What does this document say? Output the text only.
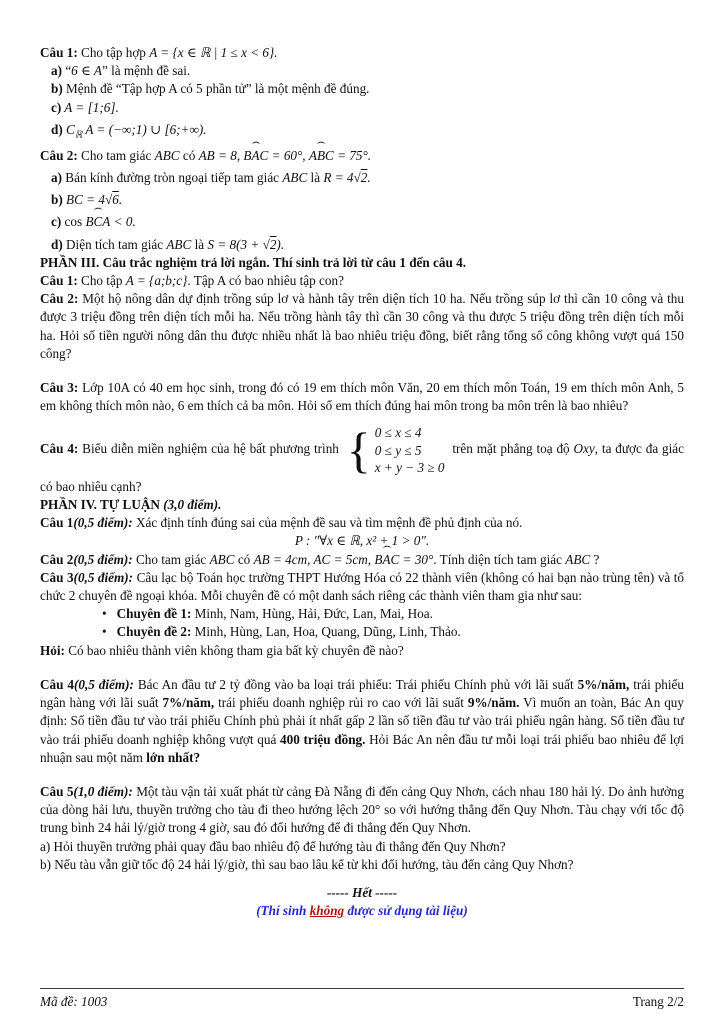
Câu 1: Cho tập hợp A = {x ∈ ℝ | 1 ≤ x < 6}.

a) “6 ∈ A” là mệnh đề sai.

b) Mệnh đề “Tập hợp A có 5 phần tử” là một mệnh đề đúng.

c) A = [1;6].

d) $C_ℝ$ A = (−∞;1) ∪ [6;+∞).

Câu 2: Cho tam giác ABC có AB = 8, BAC ˆ = 60°, ABC ˆ = 75°.

a) Bán kính đường tròn ngoại tiếp tam giác ABC là R = 4√2.

b) BC = 4√6.

c) cos BCA ˆ < 0.

d) Diện tích tam giác ABC là S = 8(3 + √2).

PHẦN III. Câu trắc nghiệm trả lời ngắn. Thí sinh trả lời từ câu 1 đến câu 4.

Câu 1: Cho tập A = {a;b;c}. Tập A có bao nhiêu tập con?

Câu 2: Một hộ nông dân dự định trồng súp lơ và hành tây trên diện tích 10 ha. Nếu trồng súp lơ thì cần 10 công và thu được 3 triệu đồng trên diện tích mỗi ha. Nếu trồng hành tây thì cần 30 công và thu được 5 triệu đồng trên diện tích mỗi ha. Hỏi số tiền người nông dân thu được nhiều nhất là bao nhiêu triệu đồng, biết rằng tổng số công không vượt quá 150 công?

Câu 3: Lớp 10A có 40 em học sinh, trong đó có 19 em thích môn Văn, 20 em thích môn Toán, 19 em thích môn Anh, 5 em không thích môn nào, 6 em thích cả ba môn. Hỏi số em thích đúng hai môn trong ba môn trên là bao nhiêu?

Câu 4: Biểu diễn miền nghiệm của hệ bất phương trình { 0 ≤ x ≤ 4
0 ≤ y ≤ 5
x + y − 3 ≥ 0
trên mặt phẳng toạ độ Oxy, ta được đa giác có bao nhiêu cạnh?

PHẦN IV. TỰ LUẬN (3,0 điểm).

Câu 1(0,5 điểm): Xác định tính đúng sai của mệnh đề sau và tìm mệnh đề phủ định của nó.

P : "∀x ∈ ℝ, x² + 1 > 0".

Câu 2(0,5 điểm): Cho tam giác ABC có AB = 4cm, AC = 5cm, BAC ˆ = 30°. Tính diện tích tam giác ABC ?

Câu 3(0,5 điểm): Câu lạc bộ Toán học trường THPT Hướng Hóa có 22 thành viên (không có hai bạn nào trùng tên) và tổ chức 2 chuyên đề ngoại khóa. Mỗi chuyên đề có một danh sách riêng các thành viên tham gia như sau:

• Chuyên đề 1: Minh, Nam, Hùng, Hải, Đức, Lan, Mai, Hoa.

• Chuyên đề 2: Minh, Hùng, Lan, Hoa, Quang, Dũng, Linh, Thảo.

Hỏi: Có bao nhiêu thành viên không tham gia bất kỳ chuyên đề nào?

Câu 4(0,5 điểm): Bác An đầu tư 2 tỷ đồng vào ba loại trái phiếu: Trái phiếu Chính phủ với lãi suất 5%/năm, trái phiếu ngân hàng với lãi suất 7%/năm, trái phiếu doanh nghiệp rủi ro cao với lãi suất 9%/năm. Vì muốn an toàn, Bác An quy định: Số tiền đầu tư vào trái phiếu Chính phủ phải ít nhất gấp 2 lần số tiền đầu tư vào trái phiếu ngân hàng. Số tiền đầu tư vào trái phiếu doanh nghiệp không vượt quá 400 triệu đồng. Hỏi Bác An nên đầu tư mỗi loại trái phiếu bao nhiêu để lợi nhuận sau một năm lớn nhất?

Câu 5(1,0 điểm): Một tàu vận tải xuất phát từ cảng Đà Nẵng đi đến cảng Quy Nhơn, cách nhau 180 hải lý. Do ảnh hưởng của dòng hải lưu, thuyền trưởng cho tàu đi theo hướng lệch 20° so với hướng thẳng đến Quy Nhơn. Tàu chạy với tốc độ trung bình 24 hải lý/giờ trong 4 giờ, sau đó đổi hướng để đi thẳng đến Quy Nhơn.

a) Hỏi thuyền trưởng phải quay đầu bao nhiêu độ để hướng tàu đi thẳng đến Quy Nhơn?

b) Nếu tàu vẫn giữ tốc độ 24 hải lý/giờ, thì sau bao lâu kể từ khi đổi hướng, tàu đến cảng Quy Nhơn?

----- Hết -----

(Thí sinh không được sử dụng tài liệu)

Mã đề: 1003	Trang 2/2
